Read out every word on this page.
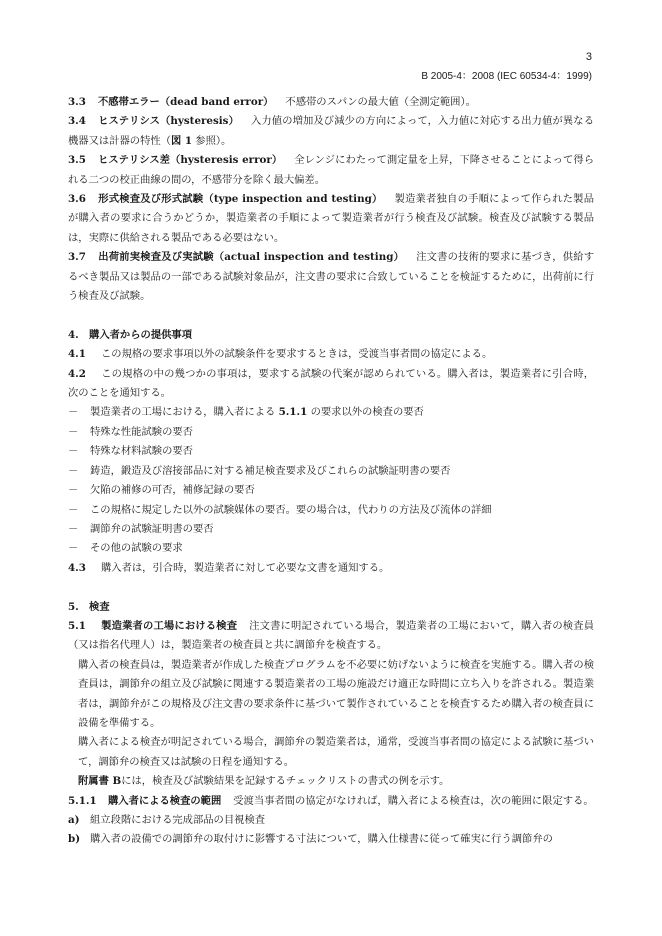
3
B 2005-4：2008 (IEC 60534-4：1999)

3.3 不感帯エラー（dead band error） 不感帯のスパンの最大値（全測定範囲）。

3.4 ヒステリシス（hysteresis） 入力値の増加及び減少の方向によって，入力値に対応する出力値が異なる機器又は計器の特性（図 1 参照）。

3.5 ヒステリシス差（hysteresis error） 全レンジにわたって測定量を上昇，下降させることによって得られる二つの校正曲線の間の，不感带分を除く最大偏差。

3.6 形式検査及び形式試験（type inspection and testing） 製造業者独自の手順によって作られた製品が購入者の要求に合うかどうか，製造業者の手順によって製造業者が行う検査及び試験。検査及び試験する製品は，実際に供給される製品である必要はない。

3.7 出荷前実検査及び実試験（actual inspection and testing） 注文書の技術的要求に基づき，供給するべき製品又は製品の一部である試験対象品が，注文書の要求に合致していることを検証するために，出荷前に行う検査及び試験。

4.　購入者からの提供事項

4.1 この規格の要求事項以外の試験条件を要求するときは，受渡当事者間の協定による。

4.2 この規格の中の幾つかの事項は，要求する試験の代案が認められている。購入者は，製造業者に引合時，次のことを通知する。

－	製造業者の工場における，購入者による 5.1.1 の要求以外の検査の要否
－	特殊な性能試験の要否
－	特殊な材料試験の要否
－	鋳造，鍛造及び溶接部品に対する補足検査要求及びこれらの試験証明書の要否
－	欠陥の補修の可否，補修記録の要否
－	この規格に規定した以外の試験媒体の要否。要の場合は，代わりの方法及び流体の詳細
－	調節弁の試験証明書の要否
－	その他の試験の要求

4.3 購入者は，引合時，製造業者に対して必要な文書を通知する。

5.　検査

5.1 製造業者の工場における検査 注文書に明記されている場合，製造業者の工場において，購入者の検査員（又は指名代理人）は，製造業者の検査員と共に調節弁を検査する。

購入者の検査員は，製造業者が作成した検査プログラムを不必要に妨げないように検査を実施する。購入者の検査員は，調節弁の組立及び試験に関連する製造業者の工場の施設だけ適正な時間に立ち入りを許される。製造業者は，調節弁がこの規格及び注文書の要求条件に基づいて製作されていることを検査するため購入者の検査員に設備を準備する。

購入者による検査が明記されている場合，調節弁の製造業者は，通常，受渡当事者間の協定による試験に基づいて，調節弁の検査又は試験の日程を通知する。

附属書 Bには，検査及び試験結果を記録するチェックリストの書式の例を示す。

5.1.1 購入者による検査の範囲 受渡当事者間の協定がなければ，購入者による検査は，次の範囲に限定する。

a)	組立段階における完成部品の目視検査
b) 購入者の設備での調節弁の取付けに影響する寸法について，購入仕様書に従って確実に行う調節弁の
